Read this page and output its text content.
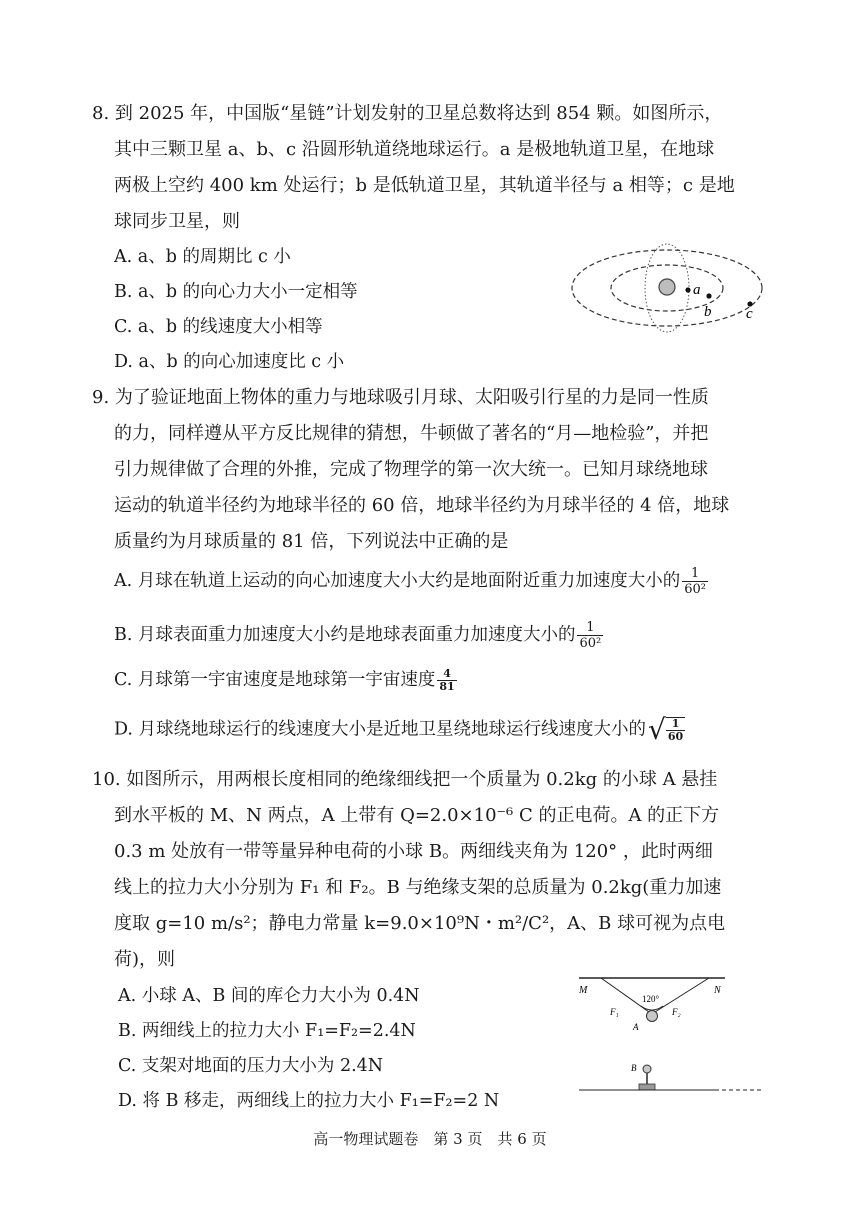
8. 到 2025 年，中国版“星链”计划发射的卫星总数将达到 854 颗。如图所示，
其中三颗卫星 a、b、c 沿圆形轨道绕地球运行。a 是极地轨道卫星，在地球
两极上空约 400 km 处运行；b 是低轨道卫星，其轨道半径与 a 相等；c 是地
球同步卫星，则
A. a、b 的周期比 c 小
B. a、b 的向心力大小一定相等
C. a、b 的线速度大小相等
D. a、b 的向心加速度比 c 小
a
b c
9. 为了验证地面上物体的重力与地球吸引月球、太阳吸引行星的力是同一性质
的力，同样遵从平方反比规律的猜想，牛顿做了著名的“月—地检验”，并把
引力规律做了合理的外推，完成了物理学的第一次大统一。已知月球绕地球
运动的轨道半径约为地球半径的 60 倍，地球半径约为月球半径的 4 倍，地球
质量约为月球质量的 81 倍，下列说法中正确的是
A. 月球在轨道上运动的向心加速度大小大约是地面附近重力加速度大小的 $\frac{1}{\text{60²}}$
B. 月球表面重力加速度大小约是地球表面重力加速度大小的 $\frac{1}{\text{60²}}$
C. 月球第一宇宙速度是地球第一宇宙速度 $\frac{4}{81}$
D. 月球绕地球运行的线速度大小是近地卫星绕地球运行线速度大小的 √ $\frac{1}{60}$
10. 如图所示，用两根长度相同的绝缘细线把一个质量为 0.2kg 的小球 A 悬挂
到水平板的 M、N 两点，A 上带有 Q=2.0×10⁻⁶ C 的正电荷。A 的正下方
0.3 m 处放有一带等量异种电荷的小球 B。两细线夹角为 120° ，此时两细
线上的拉力大小分别为 F₁ 和 F₂。B 与绝缘支架的总质量为 0.2kg(重力加速
度取 g=10 m/s²；静电力常量 k=9.0×10⁹N・m²/C²，A、B 球可视为点电
荷)，则
A. 小球 A、B 间的库仑力大小为 0.4N
B. 两细线上的拉力大小 F₁=F₂=2.4N
C. 支架对地面的压力大小为 2.4N
D. 将 B 移走，两细线上的拉力大小 F₁=F₂=2 N
M	N
120°
F₁	F₂
A
B
高一物理试题卷　第 3 页　共 6 页
